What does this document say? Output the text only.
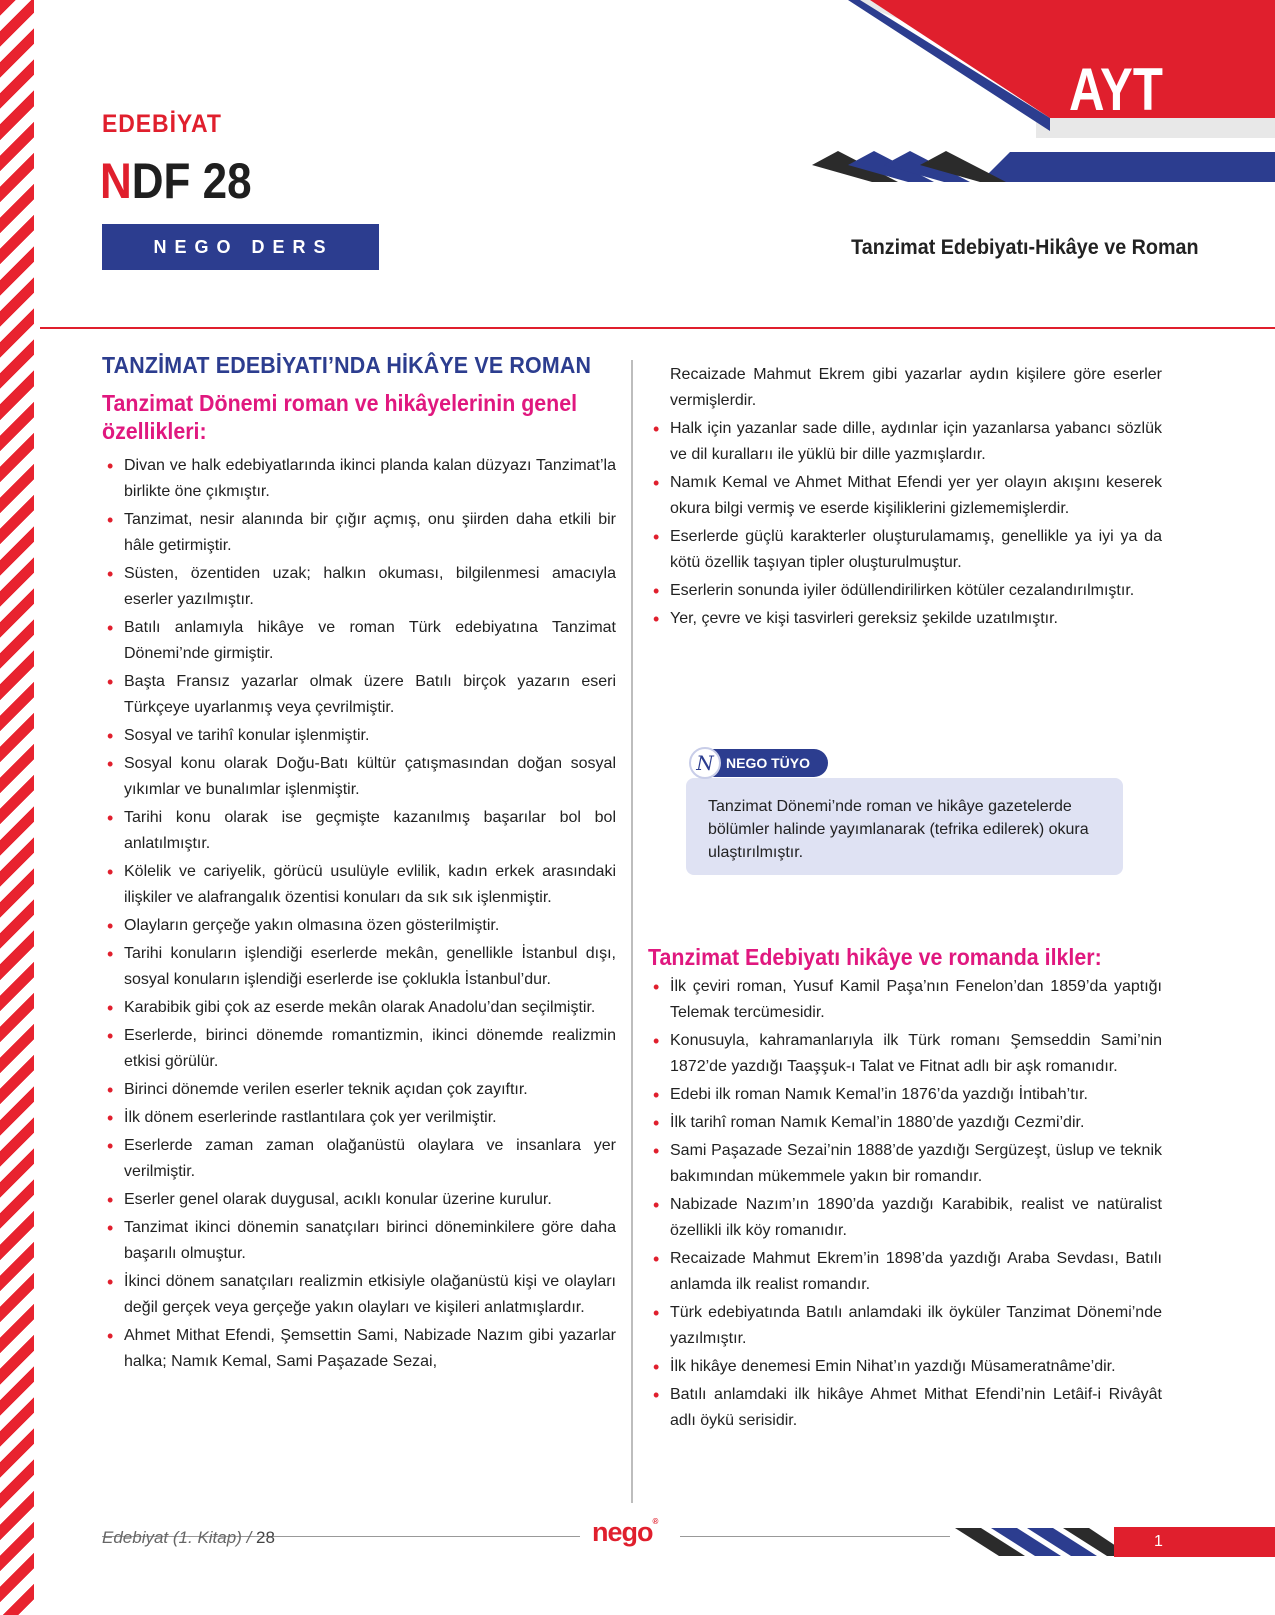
AYT
EDEBİYAT
NDF 28
NEGO DERS FÖYÜ
Tanzimat Edebiyatı-Hikâye ve Roman
TANZİMAT EDEBİYATI’NDA HİKÂYE VE ROMAN
Tanzimat Dönemi roman ve hikâyelerinin genel özellikleri:
• Divan ve halk edebiyatlarında ikinci planda kalan düzyazı Tanzimat’la birlikte öne çıkmıştır.
• Tanzimat, nesir alanında bir çığır açmış, onu şiirden daha etkili bir hâle getirmiştir.
• Süsten, özentiden uzak; halkın okuması, bilgilenmesi amacıyla eserler yazılmıştır.
• Batılı anlamıyla hikâye ve roman Türk edebiyatına Tanzimat Dönemi’nde girmiştir.
• Başta Fransız yazarlar olmak üzere Batılı birçok yazarın eseri Türkçeye uyarlanmış veya çevrilmiştir.
• Sosyal ve tarihî konular işlenmiştir.
• Sosyal konu olarak Doğu-Batı kültür çatışmasından doğan sosyal yıkımlar ve bunalımlar işlenmiştir.
• Tarihi konu olarak ise geçmişte kazanılmış başarılar bol bol anlatılmıştır.
• Kölelik ve cariyelik, görücü usulüyle evlilik, kadın erkek arasındaki ilişkiler ve alafrangalık özentisi konuları da sık sık işlenmiştir.
• Olayların gerçeğe yakın olmasına özen gösterilmiştir.
• Tarihi konuların işlendiği eserlerde mekân, genellikle İstanbul dışı, sosyal konuların işlendiği eserlerde ise çoklukla İstanbul’dur.
• Karabibik gibi çok az eserde mekân olarak Anadolu’dan seçilmiştir.
• Eserlerde, birinci dönemde romantizmin, ikinci dönemde realizmin etkisi görülür.
• Birinci dönemde verilen eserler teknik açıdan çok zayıftır.
• İlk dönem eserlerinde rastlantılara çok yer verilmiştir.
• Eserlerde zaman zaman olağanüstü olaylara ve insanlara yer verilmiştir.
• Eserler genel olarak duygusal, acıklı konular üzerine kurulur.
• Tanzimat ikinci dönemin sanatçıları birinci döneminkilere göre daha başarılı olmuştur.
• İkinci dönem sanatçıları realizmin etkisiyle olağanüstü kişi ve olayları değil gerçek veya gerçeğe yakın olayları ve kişileri anlatmışlardır.
• Ahmet Mithat Efendi, Şemsettin Sami, Nabizade Nazım gibi yazarlar halka; Namık Kemal, Sami Paşazade Sezai,
Recaizade Mahmut Ekrem gibi yazarlar aydın kişilere göre eserler vermişlerdir.
• Halk için yazanlar sade dille, aydınlar için yazanlarsa yabancı sözlük ve dil kurallarıı ile yüklü bir dille yazmışlardır.
• Namık Kemal ve Ahmet Mithat Efendi yer yer olayın akışını keserek okura bilgi vermiş ve eserde kişiliklerini gizlememişlerdir.
• Eserlerde güçlü karakterler oluşturulamamış, genellikle ya iyi ya da kötü özellik taşıyan tipler oluşturulmuştur.
• Eserlerin sonunda iyiler ödüllendirilirken kötüler cezalandırılmıştır.
• Yer, çevre ve kişi tasvirleri gereksiz şekilde uzatılmıştır.
Tanzimat Dönemi’nde roman ve hikâye gazetelerde bölümler halinde yayımlanarak (tefrika edilerek) okura ulaştırılmıştır.
NEGO TÜYO
N
Tanzimat Edebiyatı hikâye ve romanda ilkler:
• İlk çeviri roman, Yusuf Kamil Paşa’nın Fenelon’dan 1859’da yaptığı Telemak tercümesidir.
• Konusuyla, kahramanlarıyla ilk Türk romanı Şemseddin Sami’nin 1872’de yazdığı Taaşşuk-ı Talat ve Fitnat adlı bir aşk romanıdır.
• Edebi ilk roman Namık Kemal’in 1876’da yazdığı İntibah’tır.
• İlk tarihî roman Namık Kemal’in 1880’de yazdığı Cezmi’dir.
• Sami Paşazade Sezai’nin 1888’de yazdığı Sergüzeşt, üslup ve teknik bakımından mükemmele yakın bir romandır.
• Nabizade Nazım’ın 1890’da yazdığı Karabibik, realist ve natüralist özellikli ilk köy romanıdır.
• Recaizade Mahmut Ekrem’in 1898’da yazdığı Araba Sevdası, Batılı anlamda ilk realist romandır.
• Türk edebiyatında Batılı anlamdaki ilk öyküler Tanzimat Dönemi’nde yazılmıştır.
• İlk hikâye denemesi Emin Nihat’ın yazdığı Müsameratnâme’dir.
• Batılı anlamdaki ilk hikâye Ahmet Mithat Efendi’nin Letâif-i Rivâyât adlı öykü serisidir.
Edebiyat (1. Kitap) / 28	nego®
1
